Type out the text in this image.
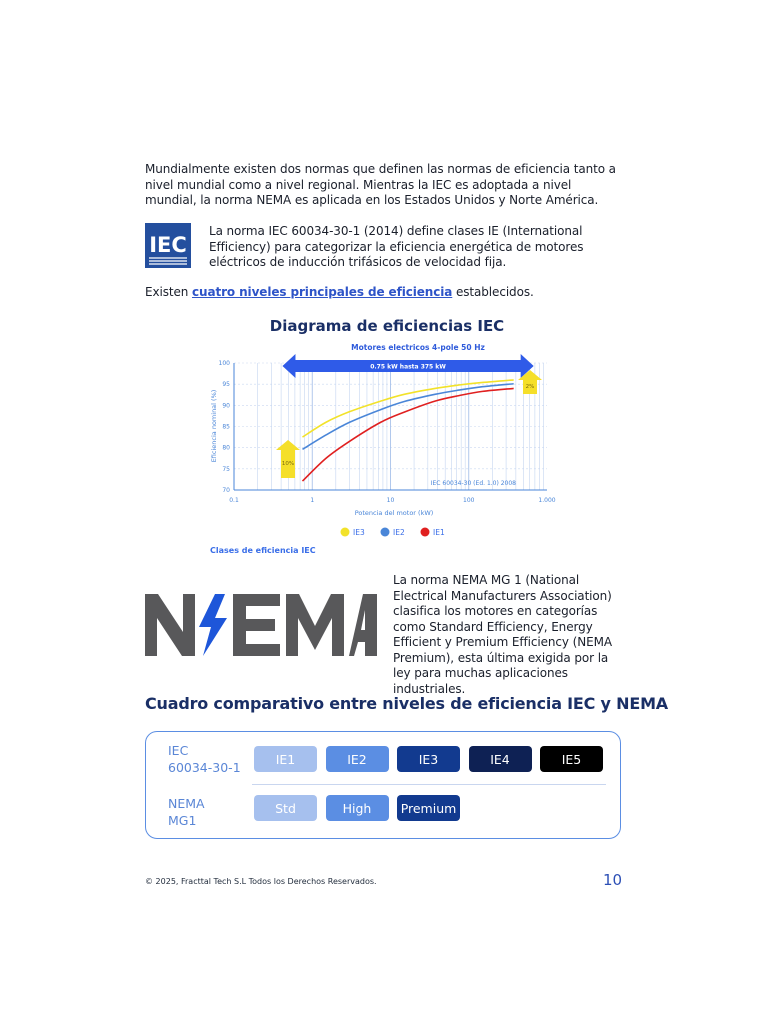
Mundialmente existen dos normas que definen las normas de eficiencia tanto a nivel mundial como a nivel regional. Mientras la IEC es adoptada a nivel mundial, la norma NEMA es aplicada en los Estados Unidos y Norte América.
IEC
La norma IEC 60034-30-1 (2014) define clases IE (International Efficiency) para categorizar la eficiencia energética de motores eléctricos de inducción trifásicos de velocidad fija.
Existen cuatro niveles principales de eficiencia establecidos.
Diagrama de eficiencias IEC
Motores electricos 4-pole 50 Hz
100
95
90
85
80
75
70
0.1	1	10	100	1.000
0.75 kW hasta 375 kW
10%
2%
IEC 60034-30 (Ed. 1.0) 2008
Potencia del motor (kW)
Eficiencia nominal (%)
IE3	IE2	IE1
Clases de eficiencia IEC
La norma NEMA MG 1 (National Electrical Manufacturers Association) clasifica los motores en categorías como Standard Efficiency, Energy Efficient y Premium Efficiency (NEMA Premium), esta última exigida por la ley para muchas aplicaciones industriales.
Cuadro comparativo entre niveles de eficiencia IEC y NEMA
IEC
60034-30-1
IE1	IE2	IE3	IE4	IE5
NEMA
MG1
Std	High	Premium
© 2025, Fracttal Tech S.L Todos los Derechos Reservados.	10
